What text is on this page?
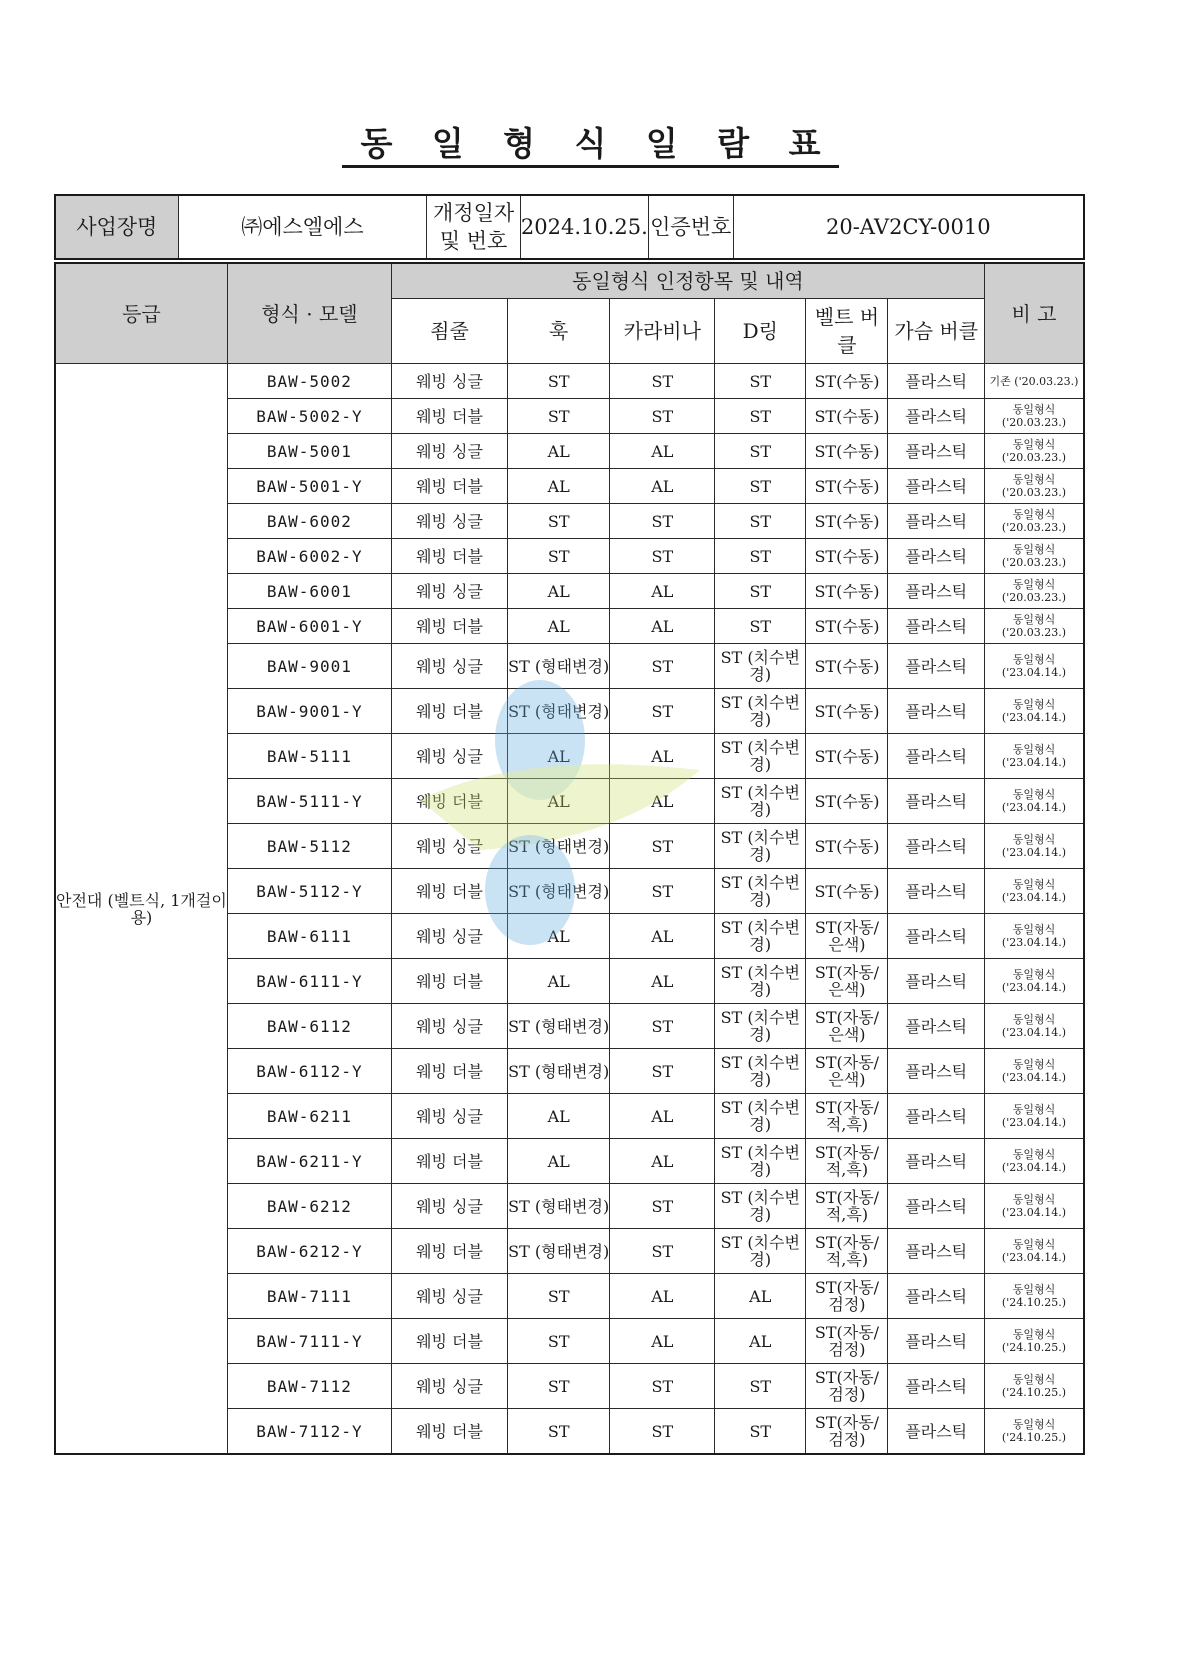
동 일 형 식 일 람 표
사업장명	㈜에스엘에스	개정일자 및 번호	2024.10.25.	인증번호	20-AV2CY-0010
등급	형식 · 모델	동일형식 인정항목 및 내역						비 고
		죔줄	훅	카라비나	D링	벨트 버클	가슴 버클	
안전대 (벨트식, 1개걸이용)	BAW-5002	웨빙 싱글	ST	ST	ST	ST(수동)	플라스틱	기존 ('20.03.23.)
	BAW-5002-Y	웨빙 더블	ST	ST	ST	ST(수동)	플라스틱	동일형식 ('20.03.23.)
	BAW-5001	웨빙 싱글	AL	AL	ST	ST(수동)	플라스틱	동일형식 ('20.03.23.)
	BAW-5001-Y	웨빙 더블	AL	AL	ST	ST(수동)	플라스틱	동일형식 ('20.03.23.)
	BAW-6002	웨빙 싱글	ST	ST	ST	ST(수동)	플라스틱	동일형식 ('20.03.23.)
	BAW-6002-Y	웨빙 더블	ST	ST	ST	ST(수동)	플라스틱	동일형식 ('20.03.23.)
	BAW-6001	웨빙 싱글	AL	AL	ST	ST(수동)	플라스틱	동일형식 ('20.03.23.)
	BAW-6001-Y	웨빙 더블	AL	AL	ST	ST(수동)	플라스틱	동일형식 ('20.03.23.)
	BAW-9001	웨빙 싱글	ST (형태변경)	ST	ST (치수변경)	ST(수동)	플라스틱	동일형식 ('23.04.14.)
	BAW-9001-Y	웨빙 더블	ST (형태변경)	ST	ST (치수변경)	ST(수동)	플라스틱	동일형식 ('23.04.14.)
	BAW-5111	웨빙 싱글	AL	AL	ST (치수변경)	ST(수동)	플라스틱	동일형식 ('23.04.14.)
	BAW-5111-Y	웨빙 더블	AL	AL	ST (치수변경)	ST(수동)	플라스틱	동일형식 ('23.04.14.)
	BAW-5112	웨빙 싱글	ST (형태변경)	ST	ST (치수변경)	ST(수동)	플라스틱	동일형식 ('23.04.14.)
	BAW-5112-Y	웨빙 더블	ST (형태변경)	ST	ST (치수변경)	ST(수동)	플라스틱	동일형식 ('23.04.14.)
	BAW-6111	웨빙 싱글	AL	AL	ST (치수변경)	ST(자동/ 은색)	플라스틱	동일형식 ('23.04.14.)
	BAW-6111-Y	웨빙 더블	AL	AL	ST (치수변경)	ST(자동/ 은색)	플라스틱	동일형식 ('23.04.14.)
	BAW-6112	웨빙 싱글	ST (형태변경)	ST	ST (치수변경)	ST(자동/ 은색)	플라스틱	동일형식 ('23.04.14.)
	BAW-6112-Y	웨빙 더블	ST (형태변경)	ST	ST (치수변경)	ST(자동/ 은색)	플라스틱	동일형식 ('23.04.14.)
	BAW-6211	웨빙 싱글	AL	AL	ST (치수변경)	ST(자동/ 적,흑)	플라스틱	동일형식 ('23.04.14.)
	BAW-6211-Y	웨빙 더블	AL	AL	ST (치수변경)	ST(자동/ 적,흑)	플라스틱	동일형식 ('23.04.14.)
	BAW-6212	웨빙 싱글	ST (형태변경)	ST	ST (치수변경)	ST(자동/ 적,흑)	플라스틱	동일형식 ('23.04.14.)
	BAW-6212-Y	웨빙 더블	ST (형태변경)	ST	ST (치수변경)	ST(자동/ 적,흑)	플라스틱	동일형식 ('23.04.14.)
	BAW-7111	웨빙 싱글	ST	AL	AL	ST(자동/ 검정)	플라스틱	동일형식 ('24.10.25.)
	BAW-7111-Y	웨빙 더블	ST	AL	AL	ST(자동/ 검정)	플라스틱	동일형식 ('24.10.25.)
	BAW-7112	웨빙 싱글	ST	ST	ST	ST(자동/ 검정)	플라스틱	동일형식 ('24.10.25.)
	BAW-7112-Y	웨빙 더블	ST	ST	ST	ST(자동/ 검정)	플라스틱	동일형식 ('24.10.25.)
